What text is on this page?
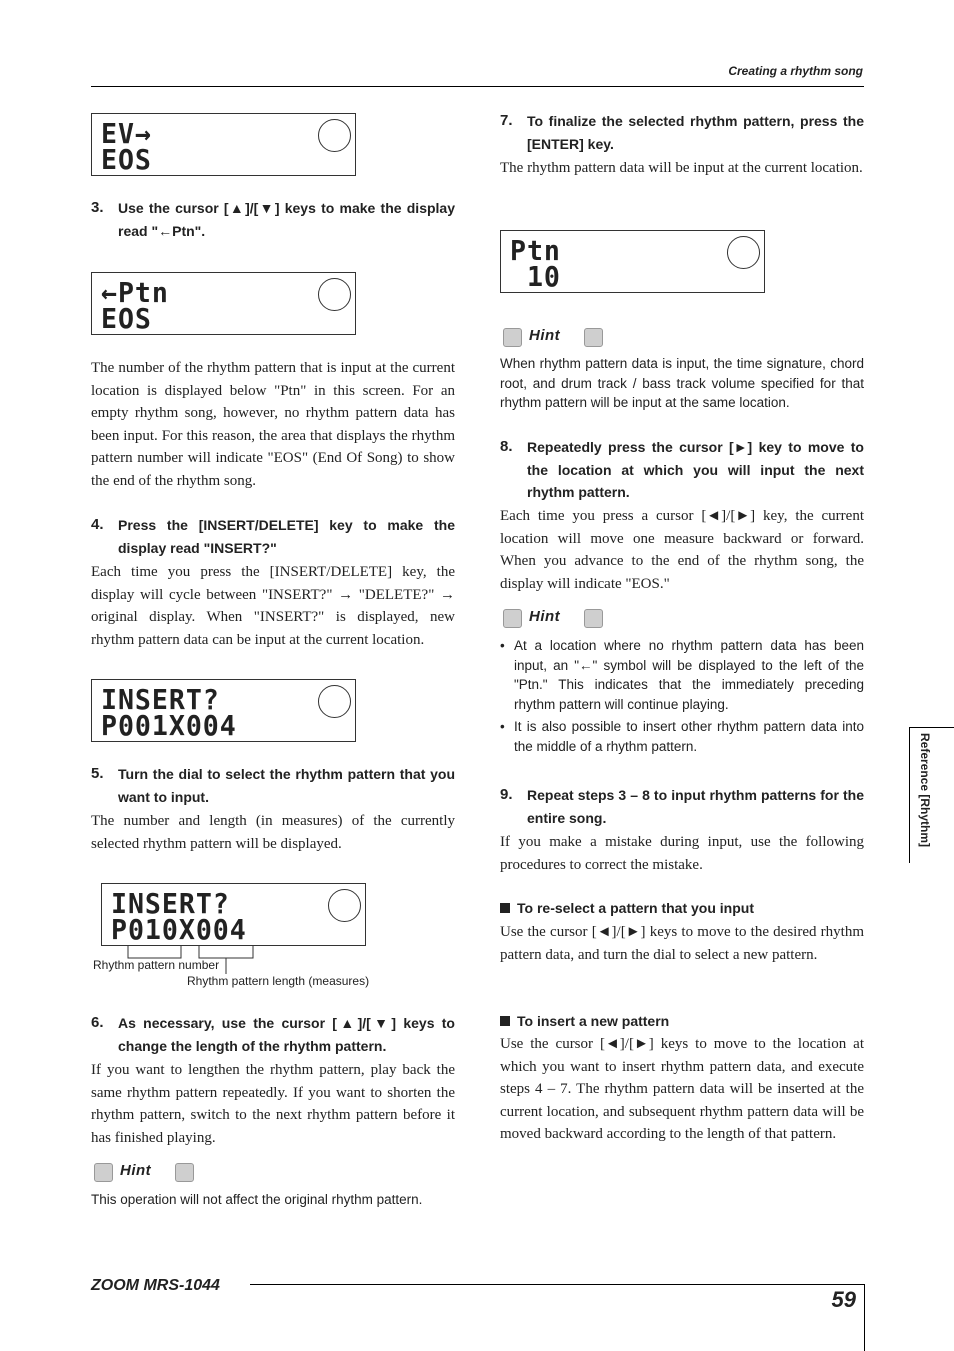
Creating a rhythm song
EV→
EOS
3. Use the cursor [▲]/[▼] keys to make the display read "←Ptn".
←Ptn
EOS
The number of the rhythm pattern that is input at the current location is displayed below "Ptn" in this screen. For an empty rhythm song, however, no rhythm pattern data has been input. For this reason, the area that displays the rhythm pattern number will indicate "EOS" (End Of Song) to show the end of the rhythm song.
4. Press the [INSERT/DELETE] key to make the display read "INSERT?"
Each time you press the [INSERT/DELETE] key, the display will cycle between "INSERT?" → "DELETE?" → original display. When "INSERT?" is displayed, new rhythm pattern data can be input at the current location.
INSERT?
P001X004
5. Turn the dial to select the rhythm pattern that you want to input.
The number and length (in measures) of the currently selected rhythm pattern will be displayed.
INSERT?
P010X004
Rhythm pattern number
Rhythm pattern length (measures)
6. As necessary, use the cursor [▲]/[▼] keys to change the length of the rhythm pattern.
If you want to lengthen the rhythm pattern, play back the same rhythm pattern repeatedly. If you want to shorten the rhythm pattern, switch to the next rhythm pattern before it has finished playing.
Hint
This operation will not affect the original rhythm pattern.
7. To finalize the selected rhythm pattern, press the [ENTER] key.
The rhythm pattern data will be input at the current location.
Ptn
10
Hint
When rhythm pattern data is input, the time signature, chord root, and drum track / bass track volume specified for that rhythm pattern will be input at the same location.
8. Repeatedly press the cursor [►] key to move to the location at which you will input the next rhythm pattern.
Each time you press a cursor [◄]/[►] key, the current location will move one measure backward or forward. When you advance to the end of the rhythm song, the display will indicate "EOS."
Hint
• At a location where no rhythm pattern data has been input, an "←" symbol will be displayed to the left of the "Ptn." This indicates that the immediately preceding rhythm pattern will continue playing.
• It is also possible to insert other rhythm pattern data into the middle of a rhythm pattern.
9. Repeat steps 3 – 8 to input rhythm patterns for the entire song.
If you make a mistake during input, use the following procedures to correct the mistake.
To re-select a pattern that you input
Use the cursor [◄]/[►] keys to move to the desired rhythm pattern data, and turn the dial to select a new pattern.
To insert a new pattern
Use the cursor [◄]/[►] keys to move to the location at which you want to insert rhythm pattern data, and execute steps 4 – 7. The rhythm pattern data will be inserted at the current location, and subsequent rhythm pattern data will be moved backward according to the length of that pattern.
Reference [Rhythm]
ZOOM MRS-1044
59
